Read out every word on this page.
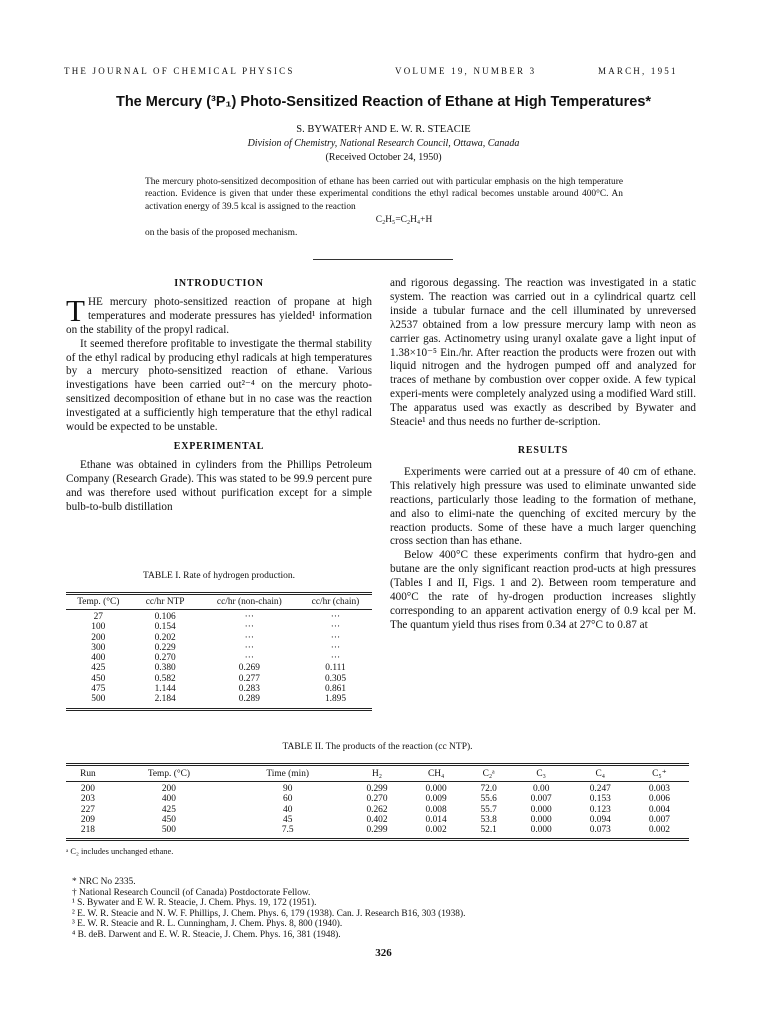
THE JOURNAL OF CHEMICAL PHYSICS	VOLUME 19, NUMBER 3	MARCH, 1951
The Mercury (³P₁) Photo-Sensitized Reaction of Ethane at High Temperatures*
S. BYWATER† AND E. W. R. STEACIE
Division of Chemistry, National Research Council, Ottawa, Canada
(Received October 24, 1950)

The mercury photo-sensitized decomposition of ethane has been carried out with particular emphasis on the high temperature reaction. Evidence is given that under these experimental conditions the ethyl radical becomes unstable around 400°C. An activation energy of 39.5 kcal is assigned to the reaction

C₂H₅=C₂H₄+H

on the basis of the proposed mechanism.

INTRODUCTION

THE mercury photo-sensitized reaction of propane at high temperatures and moderate pressures has yielded¹ information on the stability of the propyl radical.

It seemed therefore profitable to investigate the thermal stability of the ethyl radical by producing ethyl radicals at high temperatures by a mercury photo-sensitized reaction of ethane. Various investigations have been carried out²⁻⁴ on the mercury photo-sensitized decomposition of ethane but in no case was the reaction investigated at a sufficiently high temperature that the ethyl radical would be expected to be unstable.

EXPERIMENTAL

Ethane was obtained in cylinders from the Phillips Petroleum Company (Research Grade). This was stated to be 99.9 percent pure and was therefore used without purification except for a simple bulb-to-bulb distillation

TABLE I. Rate of hydrogen production.
Temp. (°C)	cc/hr NTP	cc/hr (non-chain)	cc/hr (chain)
27	0.106	···	···
100	0.154	···	···
200	0.202	···	···
300	0.229	···	···
400	0.270	···	···
425	0.380	0.269	0.111
450	0.582	0.277	0.305
475	1.144	0.283	0.861
500	2.184	0.289	1.895

and rigorous degassing. The reaction was investigated in a static system. The reaction was carried out in a cylindrical quartz cell inside a tubular furnace and the cell illuminated by unreversed λ2537 obtained from a low pressure mercury lamp with neon as carrier gas. Actinometry using uranyl oxalate gave a light input of 1.38×10⁻⁵ Ein./hr. After reaction the products were frozen out with liquid nitrogen and the hydrogen pumped off and analyzed for traces of methane by combustion over copper oxide. A few typical experi-ments were completely analyzed using a modified Ward still. The apparatus used was exactly as described by Bywater and Steacie¹ and thus needs no further de-scription.

RESULTS

Experiments were carried out at a pressure of 40 cm of ethane. This relatively high pressure was used to eliminate unwanted side reactions, particularly those leading to the formation of methane, and also to elimi-nate the quenching of excited mercury by the reaction products. Some of these have a much larger quenching cross section than has ethane.

Below 400°C these experiments confirm that hydro-gen and butane are the only significant reaction prod-ucts at high pressures (Tables I and II, Figs. 1 and 2). Between room temperature and 400°C the rate of hy-drogen production increases slightly corresponding to an apparent activation energy of 0.9 kcal per M. The quantum yield thus rises from 0.34 at 27°C to 0.87 at

TABLE II. The products of the reaction (cc NTP).
Run	Temp. (°C)	Time (min)	H₂	CH₄	C₂ᵃ	C₃	C₄	C₅⁺
200	200	90	0.299	0.000	72.0	0.00	0.247	0.003
203	400	60	0.270	0.009	55.6	0.007	0.153	0.006
227	425	40	0.262	0.008	55.7	0.000	0.123	0.004
209	450	45	0.402	0.014	53.8	0.000	0.094	0.007
218	500	7.5	0.299	0.002	52.1	0.000	0.073	0.002
ᵃ C₂ includes unchanged ethane.
* NRC No 2335.
† National Research Council (of Canada) Postdoctorate Fellow.
¹ S. Bywater and E W. R. Steacie, J. Chem. Phys. 19, 172 (1951).
² E. W. R. Steacie and N. W. F. Phillips, J. Chem. Phys. 6, 179 (1938). Can. J. Research B16, 303 (1938).
³ E. W. R. Steacie and R. L. Cunningham, J. Chem. Phys. 8, 800 (1940).
⁴ B. deB. Darwent and E. W. R. Steacie, J. Chem. Phys. 16, 381 (1948).
326
